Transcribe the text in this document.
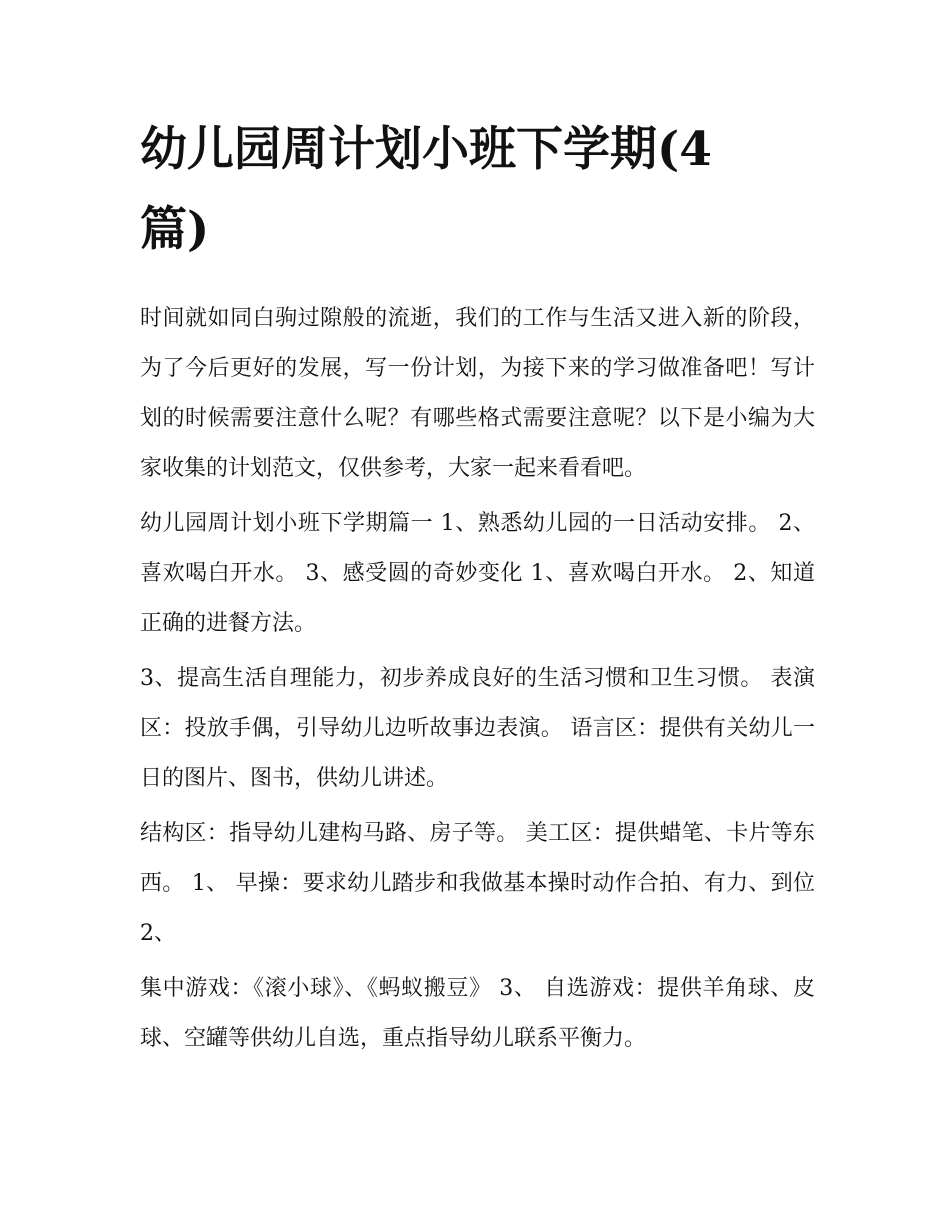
幼儿园周计划小班下学期(4篇)

时间就如同白驹过隙般的流逝，我们的工作与生活又进入新的阶段，为了今后更好的发展，写一份计划，为接下来的学习做准备吧！写计划的时候需要注意什么呢？有哪些格式需要注意呢？以下是小编为大家收集的计划范文，仅供参考，大家一起来看看吧。

幼儿园周计划小班下学期篇一 1、熟悉幼儿园的一日活动安排。 2、喜欢喝白开水。 3、感受圆的奇妙变化 1、喜欢喝白开水。 2、知道正确的进餐方法。

3、提高生活自理能力，初步养成良好的生活习惯和卫生习惯。 表演区：投放手偶，引导幼儿边听故事边表演。 语言区：提供有关幼儿一日的图片、图书，供幼儿讲述。

结构区：指导幼儿建构马路、房子等。 美工区：提供蜡笔、卡片等东西。 1、 早操：要求幼儿踏步和我做基本操时动作合拍、有力、到位 2、

集中游戏：《滚小球》、《蚂蚁搬豆》 3、 自选游戏：提供羊角球、皮球、空罐等供幼儿自选，重点指导幼儿联系平衡力。
